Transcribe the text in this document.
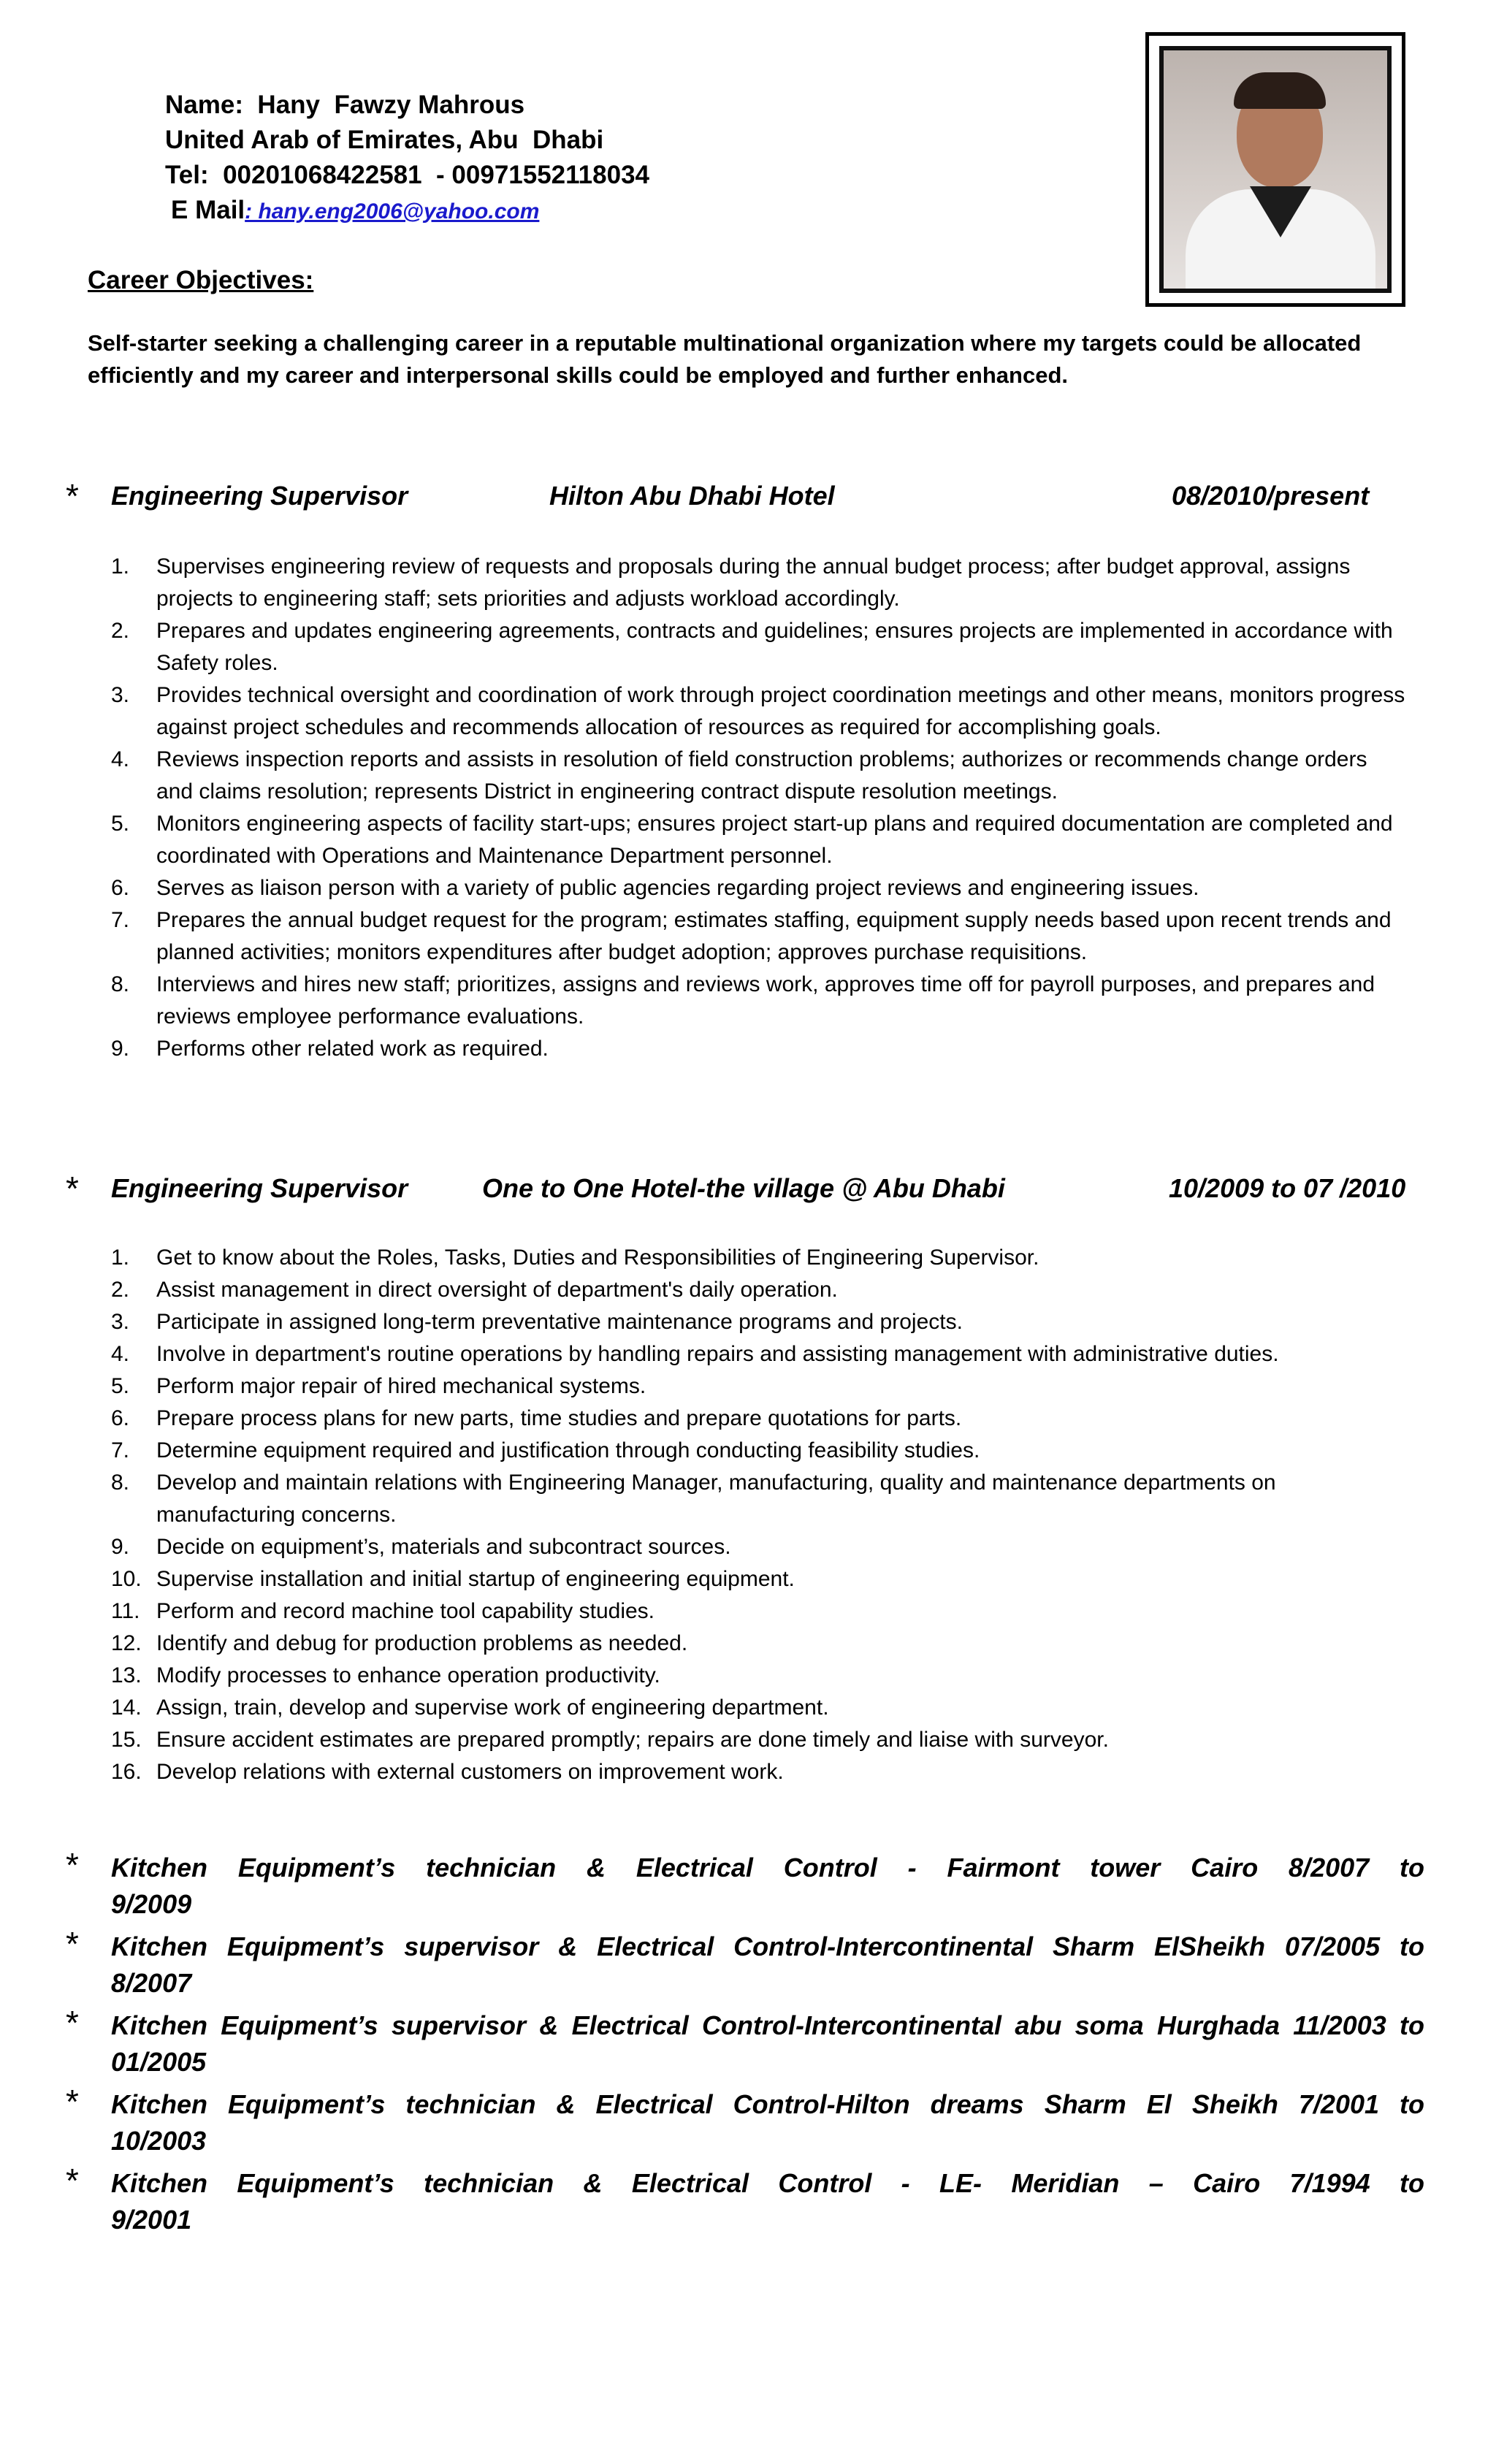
Name:  Hany  Fawzy Mahrous
United Arab of Emirates, Abu  Dhabi
Tel:  00201068422581  - 00971552118034
E Mail: hany.eng2006@yahoo.com
Career Objectives:
Self-starter seeking a challenging career in a reputable multinational organization where my targets could be allocated efficiently and my career and interpersonal skills could be employed and further enhanced.
* Engineering Supervisor	Hilton Abu Dhabi Hotel	08/2010/present
1. Supervises engineering review of requests and proposals during the annual budget process; after budget approval, assigns projects to engineering staff; sets priorities and adjusts workload accordingly.
2. Prepares and updates engineering agreements, contracts and guidelines; ensures projects are implemented in accordance with Safety roles.
3. Provides technical oversight and coordination of work through project coordination meetings and other means, monitors progress against project schedules and recommends allocation of resources as required for accomplishing goals.
4. Reviews inspection reports and assists in resolution of field construction problems; authorizes or recommends change orders and claims resolution; represents District in engineering contract dispute resolution meetings.
5. Monitors engineering aspects of facility start-ups; ensures project start-up plans and required documentation are completed and coordinated with Operations and Maintenance Department personnel.
6. Serves as liaison person with a variety of public agencies regarding project reviews and engineering issues.
7. Prepares the annual budget request for the program; estimates staffing, equipment supply needs based upon recent trends and planned activities; monitors expenditures after budget adoption; approves purchase requisitions.
8. Interviews and hires new staff; prioritizes, assigns and reviews work, approves time off for payroll purposes, and prepares and reviews employee performance evaluations.
9. Performs other related work as required.
* Engineering Supervisor	One to One Hotel-the village @ Abu Dhabi	10/2009 to 07 /2010
1. Get to know about the Roles, Tasks, Duties and Responsibilities of Engineering Supervisor.
2. Assist management in direct oversight of department's daily operation.
3. Participate in assigned long-term preventative maintenance programs and projects.
4. Involve in department's routine operations by handling repairs and assisting management with administrative duties.
5. Perform major repair of hired mechanical systems.
6. Prepare process plans for new parts, time studies and prepare quotations for parts.
7. Determine equipment required and justification through conducting feasibility studies.
8. Develop and maintain relations with Engineering Manager, manufacturing, quality and maintenance departments on manufacturing concerns.
9. Decide on equipment’s, materials and subcontract sources.
10. Supervise installation and initial startup of engineering equipment.
11. Perform and record machine tool capability studies.
12. Identify and debug for production problems as needed.
13. Modify processes to enhance operation productivity.
14. Assign, train, develop and supervise work of engineering department.
15. Ensure accident estimates are prepared promptly; repairs are done timely and liaise with surveyor.
16. Develop relations with external customers on improvement work.
* Kitchen Equipment’s technician & Electrical Control - Fairmont tower Cairo 8/2007 to
9/2009
* Kitchen Equipment’s supervisor & Electrical Control-Intercontinental Sharm ElSheikh 07/2005 to
8/2007
* Kitchen Equipment’s supervisor & Electrical Control-Intercontinental abu soma Hurghada 11/2003 to
01/2005
* Kitchen Equipment’s technician & Electrical Control-Hilton dreams Sharm El Sheikh 7/2001 to
10/2003
* Kitchen Equipment’s technician & Electrical Control - LE- Meridian – Cairo 7/1994 to
9/2001
